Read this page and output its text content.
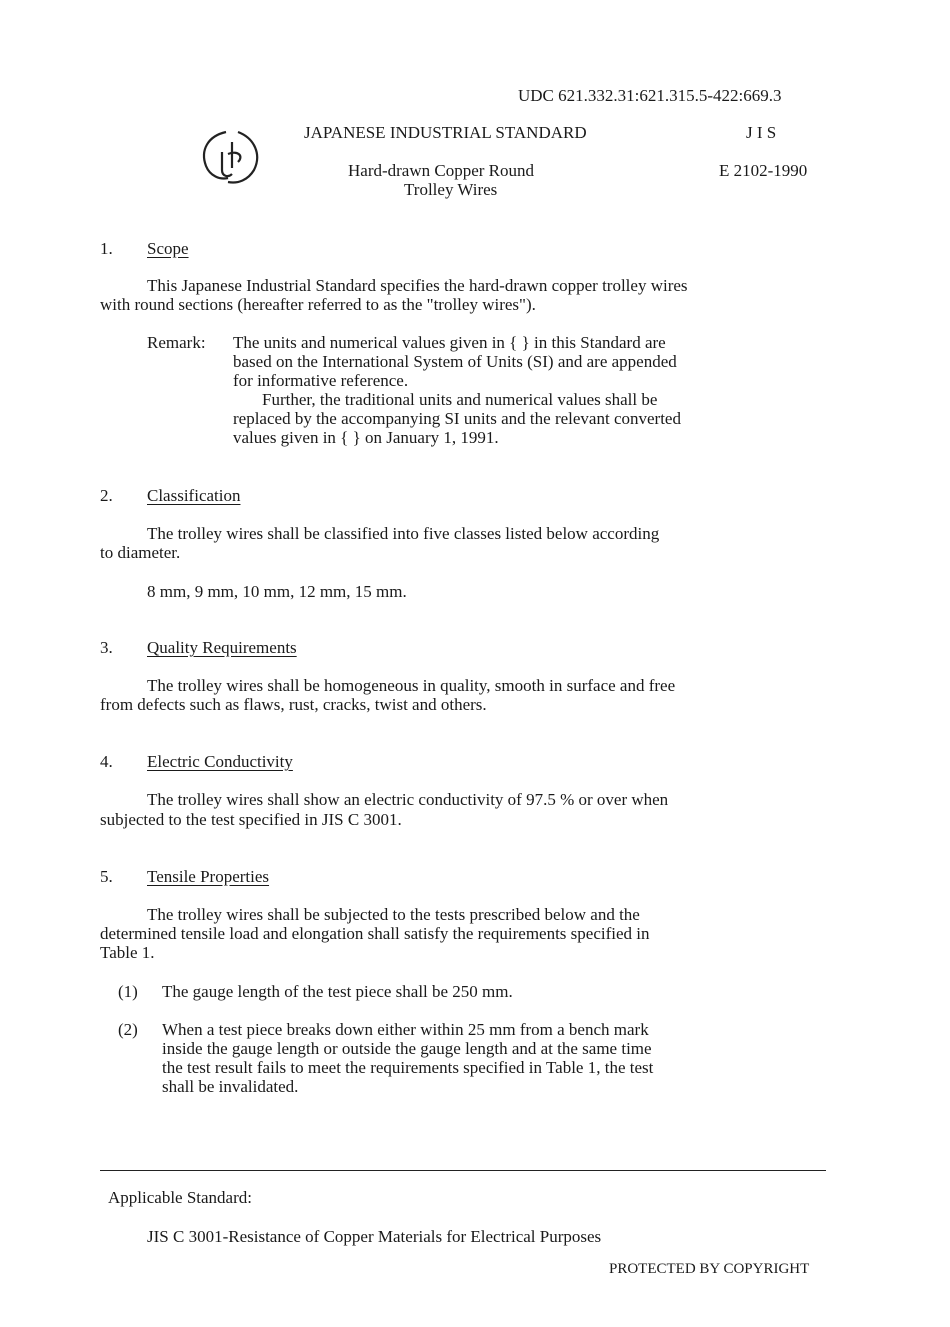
UDC 621.332.31:621.315.5-422:669.3
JAPANESE INDUSTRIAL STANDARD	J I S
Hard-drawn Copper Round
Trolley Wires
E 2102-1990
1. Scope
This Japanese Industrial Standard specifies the hard-drawn copper trolley wires
with round sections (hereafter referred to as the "trolley wires").
Remark: The units and numerical values given in { } in this Standard are
based on the International System of Units (SI) and are appended
for informative reference.
Further, the traditional units and numerical values shall be
replaced by the accompanying SI units and the relevant converted
values given in { } on January 1, 1991.
2. Classification
The trolley wires shall be classified into five classes listed below according
to diameter.
8 mm, 9 mm, 10 mm, 12 mm, 15 mm.
3. Quality Requirements
The trolley wires shall be homogeneous in quality, smooth in surface and free
from defects such as flaws, rust, cracks, twist and others.
4. Electric Conductivity
The trolley wires shall show an electric conductivity of 97.5 % or over when
subjected to the test specified in JIS C 3001.
5. Tensile Properties
The trolley wires shall be subjected to the tests prescribed below and the
determined tensile load and elongation shall satisfy the requirements specified in
Table 1.
(1) The gauge length of the test piece shall be 250 mm.
(2) When a test piece breaks down either within 25 mm from a bench mark
inside the gauge length or outside the gauge length and at the same time
the test result fails to meet the requirements specified in Table 1, the test
shall be invalidated.
Applicable Standard:
JIS C 3001-Resistance of Copper Materials for Electrical Purposes
PROTECTED BY COPYRIGHT
